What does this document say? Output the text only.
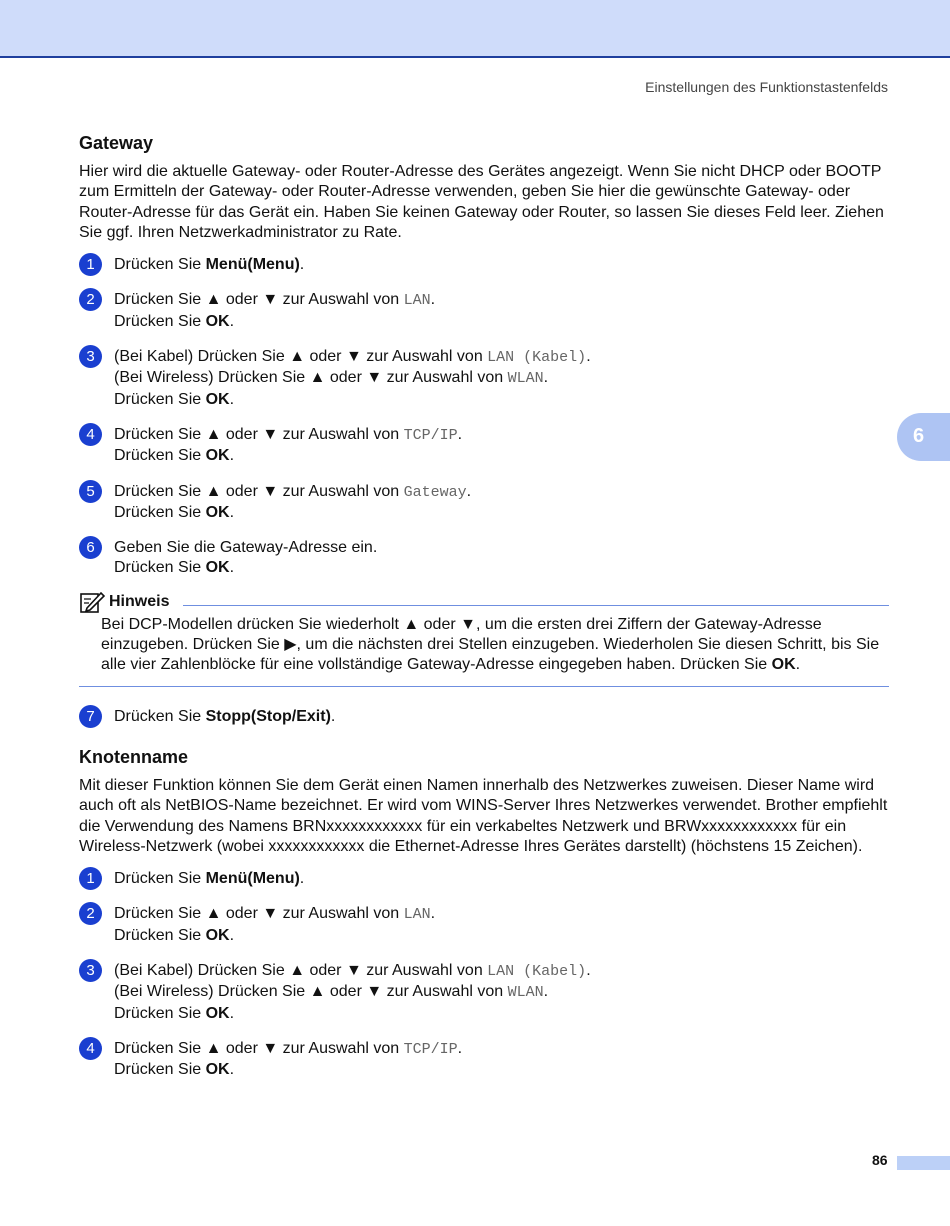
Einstellungen des Funktionstastenfelds
6
Gateway

Hier wird die aktuelle Gateway- oder Router-Adresse des Gerätes angezeigt. Wenn Sie nicht DHCP oder BOOTP zum Ermitteln der Gateway- oder Router-Adresse verwenden, geben Sie hier die gewünschte Gateway- oder Router-Adresse für das Gerät ein. Haben Sie keinen Gateway oder Router, so lassen Sie dieses Feld leer. Ziehen Sie ggf. Ihren Netzwerkadministrator zu Rate.

1	Drücken Sie Menü(Menu).
2	Drücken Sie ▲ oder ▼ zur Auswahl von LAN.
Drücken Sie OK.
3	(Bei Kabel) Drücken Sie ▲ oder ▼ zur Auswahl von LAN (Kabel).
(Bei Wireless) Drücken Sie ▲ oder ▼ zur Auswahl von WLAN.
Drücken Sie OK.
4	Drücken Sie ▲ oder ▼ zur Auswahl von TCP/IP.
Drücken Sie OK.
5	Drücken Sie ▲ oder ▼ zur Auswahl von Gateway.
Drücken Sie OK.
6	Geben Sie die Gateway-Adresse ein.
Drücken Sie OK.
Hinweis
Bei DCP-Modellen drücken Sie wiederholt ▲ oder ▼, um die ersten drei Ziffern der Gateway-Adresse einzugeben. Drücken Sie ▶, um die nächsten drei Stellen einzugeben. Wiederholen Sie diesen Schritt, bis Sie alle vier Zahlenblöcke für eine vollständige Gateway-Adresse eingegeben haben. Drücken Sie OK.
7	Drücken Sie Stopp(Stop/Exit).
Knotenname

Mit dieser Funktion können Sie dem Gerät einen Namen innerhalb des Netzwerkes zuweisen. Dieser Name wird auch oft als NetBIOS-Name bezeichnet. Er wird vom WINS-Server Ihres Netzwerkes verwendet. Brother empfiehlt die Verwendung des Namens BRNxxxxxxxxxxxx für ein verkabeltes Netzwerk und BRWxxxxxxxxxxxx für ein Wireless-Netzwerk (wobei xxxxxxxxxxxx die Ethernet-Adresse Ihres Gerätes darstellt) (höchstens 15 Zeichen).

1	Drücken Sie Menü(Menu).
2	Drücken Sie ▲ oder ▼ zur Auswahl von LAN.
Drücken Sie OK.
3	(Bei Kabel) Drücken Sie ▲ oder ▼ zur Auswahl von LAN (Kabel).
(Bei Wireless) Drücken Sie ▲ oder ▼ zur Auswahl von WLAN.
Drücken Sie OK.
4	Drücken Sie ▲ oder ▼ zur Auswahl von TCP/IP.
Drücken Sie OK.
86
